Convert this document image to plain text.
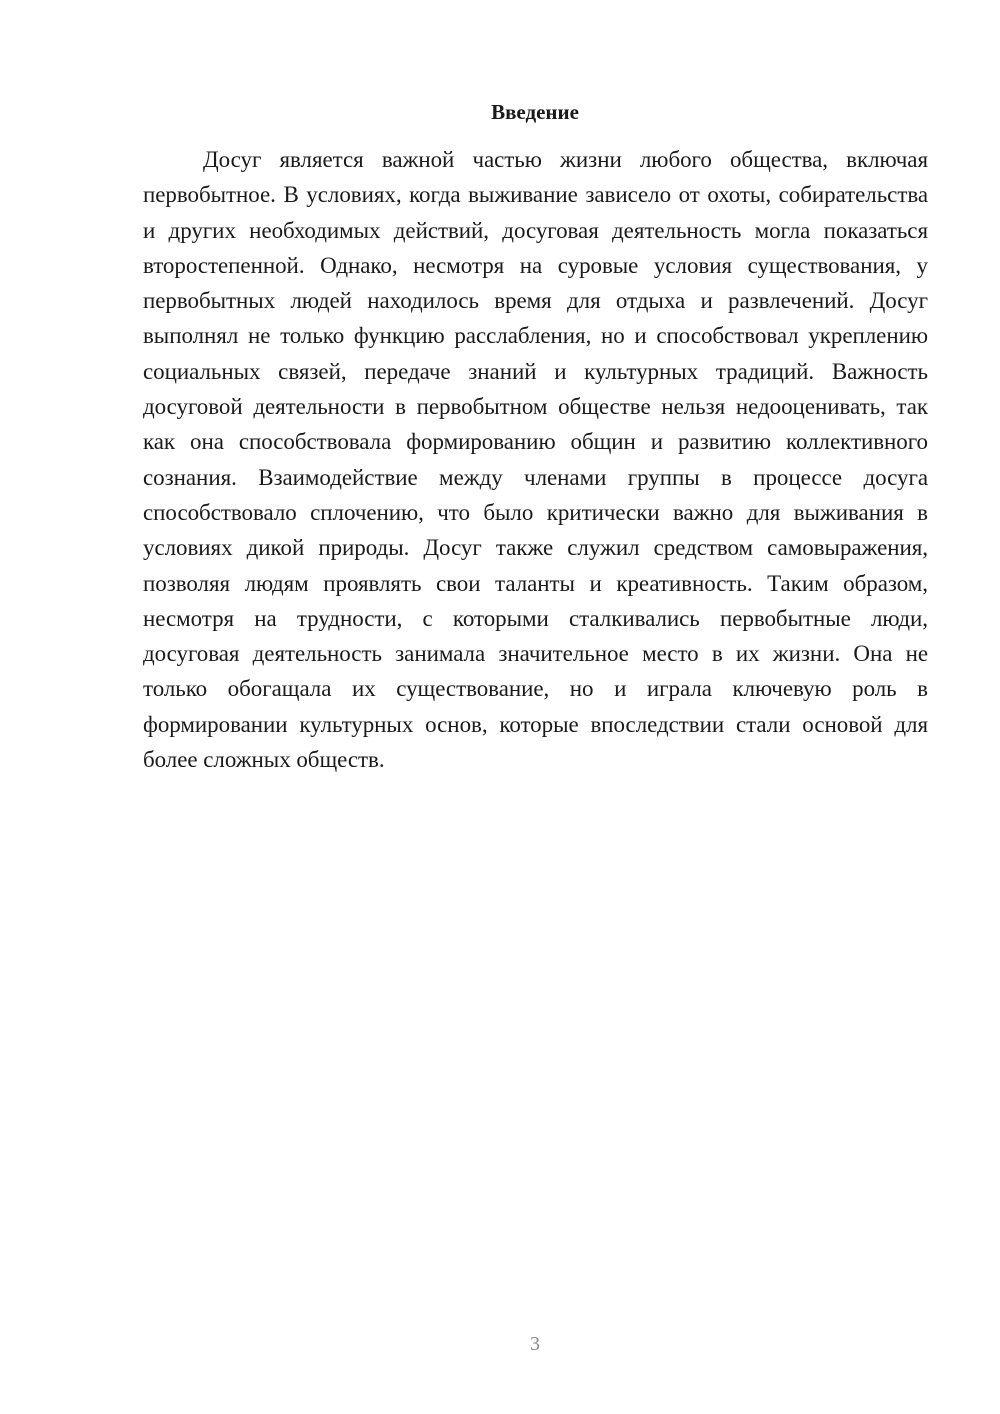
Введение

Досуг является важной частью жизни любого общества, включая первобытное. В условиях, когда выживание зависело от охоты, собирательства и других необходимых действий, досуговая деятельность могла показаться второстепенной. Однако, несмотря на суровые условия существования, у первобытных людей находилось время для отдыха и развлечений. Досуг выполнял не только функцию расслабления, но и способствовал укреплению социальных связей, передаче знаний и культурных традиций. Важность досуговой деятельности в первобытном обществе нельзя недооценивать, так как она способствовала формированию общин и развитию коллективного сознания. Взаимодействие между членами группы в процессе досуга способствовало сплочению, что было критически важно для выживания в условиях дикой природы. Досуг также служил средством самовыражения, позволяя людям проявлять свои таланты и креативность. Таким образом, несмотря на трудности, с которыми сталкивались первобытные люди, досуговая деятельность занимала значительное место в их жизни. Она не только обогащала их существование, но и играла ключевую роль в формировании культурных основ, которые впоследствии стали основой для более сложных обществ.

3
